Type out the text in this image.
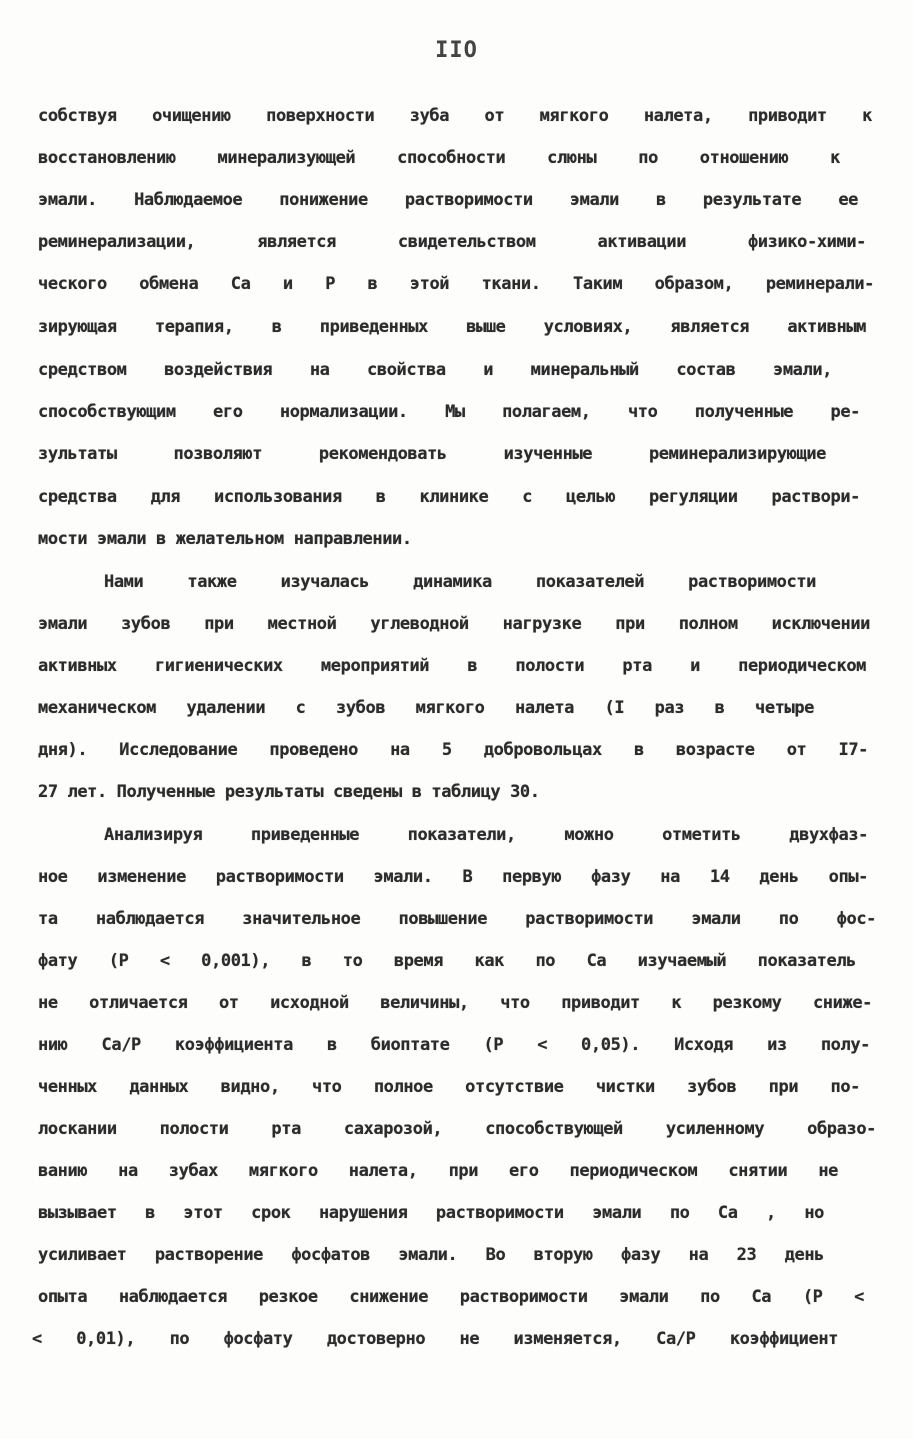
IIO
собствуя очищению поверхности зуба от мягкого налета, приводит к
восстановлению минерализующей способности слюны по отношению к
эмали. Наблюдаемое понижение растворимости эмали в результате ее
реминерализации, является свидетельством активации физико-хими-
ческого обмена Ca и P в этой ткани. Таким образом, реминерали-
зирующая терапия, в приведенных выше условиях, является активным
средством воздействия на свойства и минеральный состав эмали,
способствующим его нормализации. Мы полагаем, что полученные ре-
зультаты позволяют рекомендовать изученные реминерализирующие
средства для использования в клинике с целью регуляции раствори-
мости эмали в желательном направлении.
Нами также изучалась динамика показателей растворимости
эмали зубов при местной углеводной нагрузке при полном исключении
активных гигиенических мероприятий в полости рта и периодическом
механическом удалении с зубов мягкого налета (I раз в четыре
дня). Исследование проведено на 5 добровольцах в возрасте от I7-
27 лет. Полученные результаты сведены в таблицу 30.
Анализируя приведенные показатели, можно отметить двухфаз-
ное изменение растворимости эмали. В первую фазу на 14 день опы-
та наблюдается значительное повышение растворимости эмали по фос-
фату (P < 0,001), в то время как по Ca изучаемый показатель
не отличается от исходной величины, что приводит к резкому сниже-
нию Ca/P коэффициента в биоптате (P < 0,05). Исходя из полу-
ченных данных видно, что полное отсутствие чистки зубов при по-
лоскании полости рта сахарозой, способствующей усиленному образо-
ванию на зубах мягкого налета, при его периодическом снятии не
вызывает в этот срок нарушения растворимости эмали по Ca , но
усиливает растворение фосфатов эмали. Во вторую фазу на 23 день
опыта наблюдается резкое снижение растворимости эмали по Ca (P <
< 0,01), по фосфату достоверно не изменяется, Ca/P коэффициент
